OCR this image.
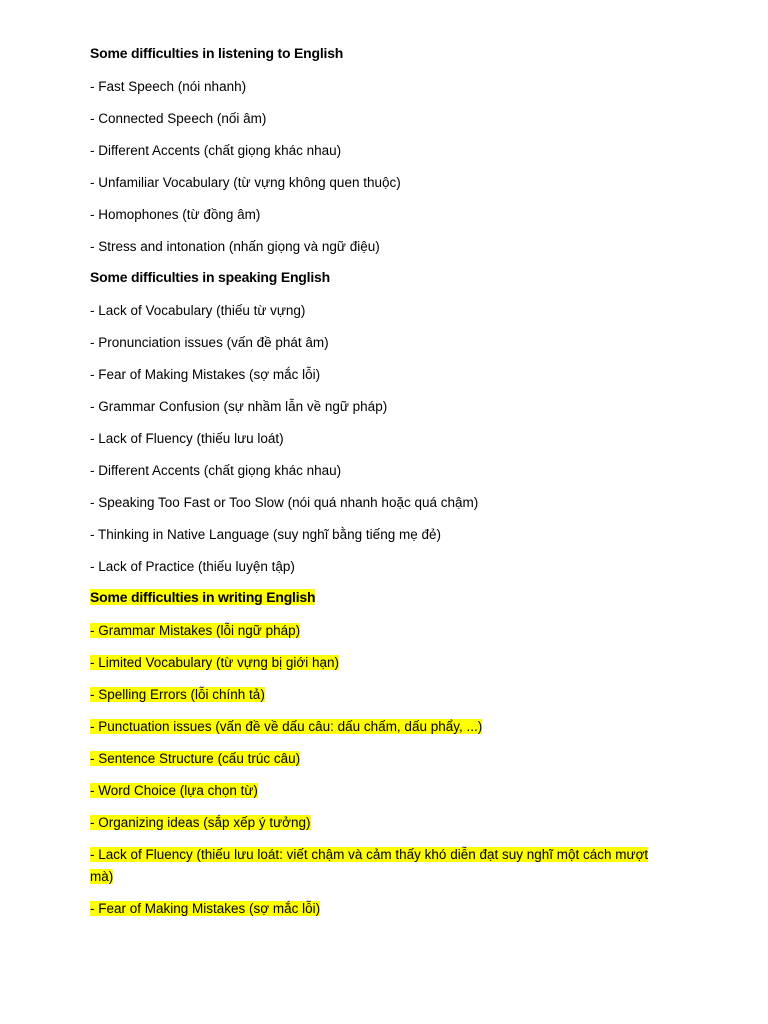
Some difficulties in listening to English
- Fast Speech (nói nhanh)
- Connected Speech (nối âm)
- Different Accents (chất giọng khác nhau)
- Unfamiliar Vocabulary (từ vựng không quen thuộc)
- Homophones (từ đồng âm)
- Stress and intonation (nhấn giọng và ngữ điệu)
Some difficulties in speaking English
- Lack of Vocabulary (thiếu từ vựng)
- Pronunciation issues (vấn đề phát âm)
- Fear of Making Mistakes (sợ mắc lỗi)
- Grammar Confusion (sự nhầm lẫn về ngữ pháp)
- Lack of Fluency (thiếu lưu loát)
- Different Accents (chất giọng khác nhau)
- Speaking Too Fast or Too Slow (nói quá nhanh hoặc quá chậm)
- Thinking in Native Language (suy nghĩ bằng tiếng mẹ đẻ)
- Lack of Practice (thiếu luyện tập)
Some difficulties in writing English
- Grammar Mistakes (lỗi ngữ pháp)
- Limited Vocabulary (từ vựng bị giới hạn)
- Spelling Errors (lỗi chính tả)
- Punctuation issues (vấn đề về dấu câu: dấu chấm, dấu phẩy, ...)
- Sentence Structure (cấu trúc câu)
- Word Choice (lựa chọn từ)
- Organizing ideas (sắp xếp ý tưởng)
- Lack of Fluency (thiếu lưu loát: viết chậm và cảm thấy khó diễn đạt suy nghĩ một cách mượt mà)
- Fear of Making Mistakes (sợ mắc lỗi)
